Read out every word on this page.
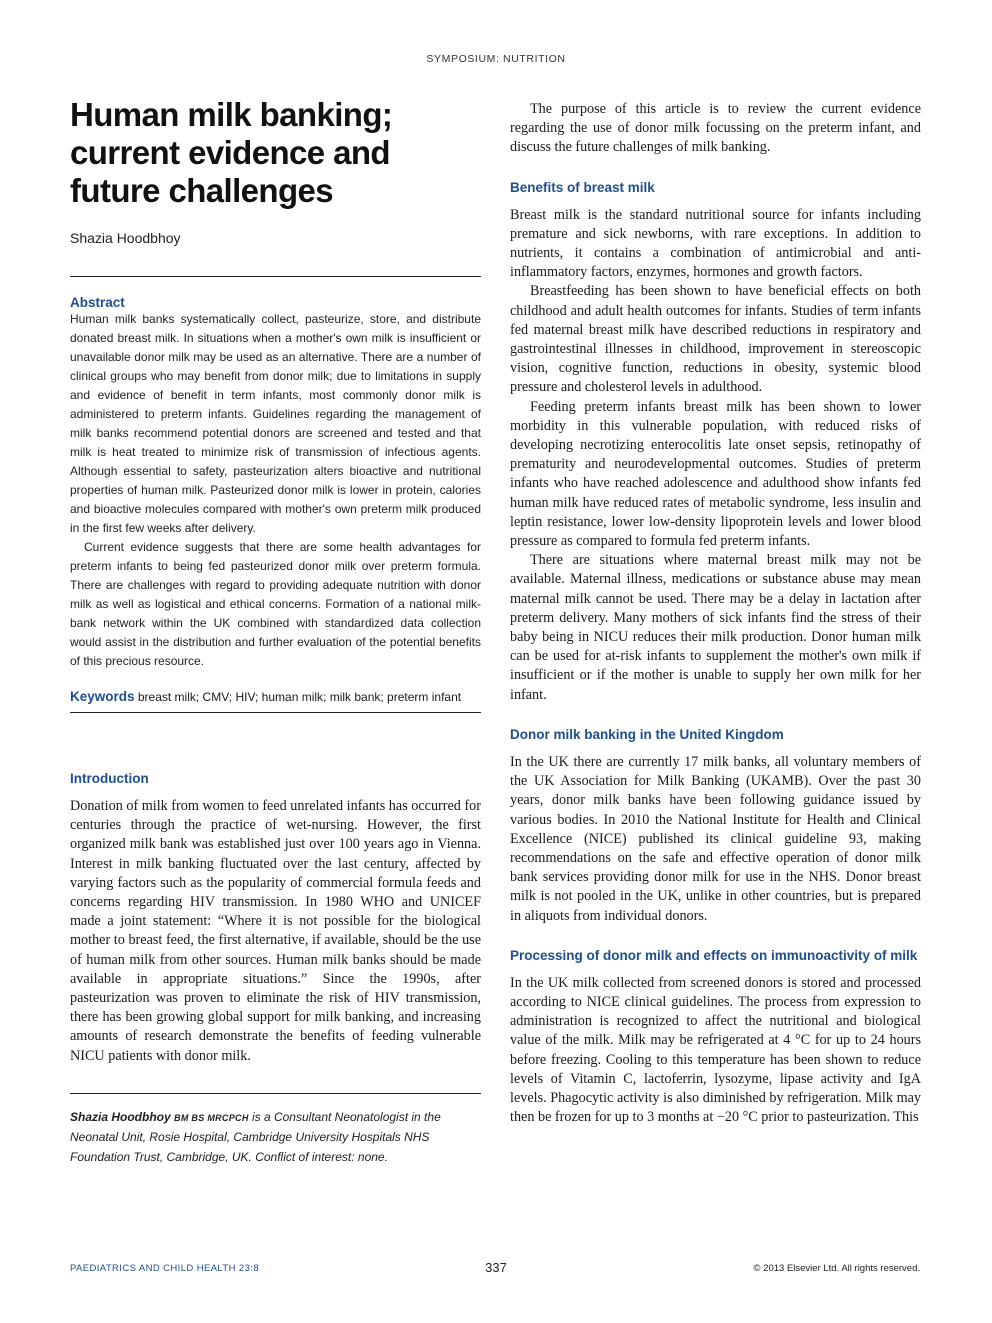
SYMPOSIUM: NUTRITION
Human milk banking; current evidence and future challenges
Shazia Hoodbhoy
Abstract

Human milk banks systematically collect, pasteurize, store, and distribute donated breast milk. In situations when a mother's own milk is insufficient or unavailable donor milk may be used as an alternative. There are a number of clinical groups who may benefit from donor milk; due to limitations in supply and evidence of benefit in term infants, most commonly donor milk is administered to preterm infants. Guidelines regarding the management of milk banks recommend potential donors are screened and tested and that milk is heat treated to minimize risk of transmission of infectious agents. Although essential to safety, pasteurization alters bioactive and nutritional properties of human milk. Pasteurized donor milk is lower in protein, calories and bioactive molecules compared with mother's own preterm milk produced in the first few weeks after delivery.

Current evidence suggests that there are some health advantages for preterm infants to being fed pasteurized donor milk over preterm formula. There are challenges with regard to providing adequate nutrition with donor milk as well as logistical and ethical concerns. Formation of a national milk-bank network within the UK combined with standardized data collection would assist in the distribution and further evaluation of the potential benefits of this precious resource.

Keywords breast milk; CMV; HIV; human milk; milk bank; preterm infant
Introduction

Donation of milk from women to feed unrelated infants has occurred for centuries through the practice of wet-nursing. However, the first organized milk bank was established just over 100 years ago in Vienna. Interest in milk banking fluctuated over the last century, affected by varying factors such as the popularity of commercial formula feeds and concerns regarding HIV transmission. In 1980 WHO and UNICEF made a joint statement: “Where it is not possible for the biological mother to breast feed, the first alternative, if available, should be the use of human milk from other sources. Human milk banks should be made available in appropriate situations.” Since the 1990s, after pasteurization was proven to eliminate the risk of HIV transmission, there has been growing global support for milk banking, and increasing amounts of research demonstrate the benefits of feeding vulnerable NICU patients with donor milk.

Shazia Hoodbhoy BM BS MRCPCH is a Consultant Neonatologist in the Neonatal Unit, Rosie Hospital, Cambridge University Hospitals NHS Foundation Trust, Cambridge, UK. Conflict of interest: none.

The purpose of this article is to review the current evidence regarding the use of donor milk focussing on the preterm infant, and discuss the future challenges of milk banking.

Benefits of breast milk

Breast milk is the standard nutritional source for infants including premature and sick newborns, with rare exceptions. In addition to nutrients, it contains a combination of antimicrobial and anti-inflammatory factors, enzymes, hormones and growth factors.

Breastfeeding has been shown to have beneficial effects on both childhood and adult health outcomes for infants. Studies of term infants fed maternal breast milk have described reductions in respiratory and gastrointestinal illnesses in childhood, improvement in stereoscopic vision, cognitive function, reductions in obesity, systemic blood pressure and cholesterol levels in adulthood.

Feeding preterm infants breast milk has been shown to lower morbidity in this vulnerable population, with reduced risks of developing necrotizing enterocolitis late onset sepsis, retinopathy of prematurity and neurodevelopmental outcomes. Studies of preterm infants who have reached adolescence and adulthood show infants fed human milk have reduced rates of metabolic syndrome, less insulin and leptin resistance, lower low-density lipoprotein levels and lower blood pressure as compared to formula fed preterm infants.

There are situations where maternal breast milk may not be available. Maternal illness, medications or substance abuse may mean maternal milk cannot be used. There may be a delay in lactation after preterm delivery. Many mothers of sick infants find the stress of their baby being in NICU reduces their milk production. Donor human milk can be used for at-risk infants to supplement the mother's own milk if insufficient or if the mother is unable to supply her own milk for her infant.

Donor milk banking in the United Kingdom

In the UK there are currently 17 milk banks, all voluntary members of the UK Association for Milk Banking (UKAMB). Over the past 30 years, donor milk banks have been following guidance issued by various bodies. In 2010 the National Institute for Health and Clinical Excellence (NICE) published its clinical guideline 93, making recommendations on the safe and effective operation of donor milk bank services providing donor milk for use in the NHS. Donor breast milk is not pooled in the UK, unlike in other countries, but is prepared in aliquots from individual donors.

Processing of donor milk and effects on immunoactivity of milk

In the UK milk collected from screened donors is stored and processed according to NICE clinical guidelines. The process from expression to administration is recognized to affect the nutritional and biological value of the milk. Milk may be refrigerated at 4 °C for up to 24 hours before freezing. Cooling to this temperature has been shown to reduce levels of Vitamin C, lactoferrin, lysozyme, lipase activity and IgA levels. Phagocytic activity is also diminished by refrigeration. Milk may then be frozen for up to 3 months at −20 °C prior to pasteurization. This

PAEDIATRICS AND CHILD HEALTH 23:8	337	© 2013 Elsevier Ltd. All rights reserved.
